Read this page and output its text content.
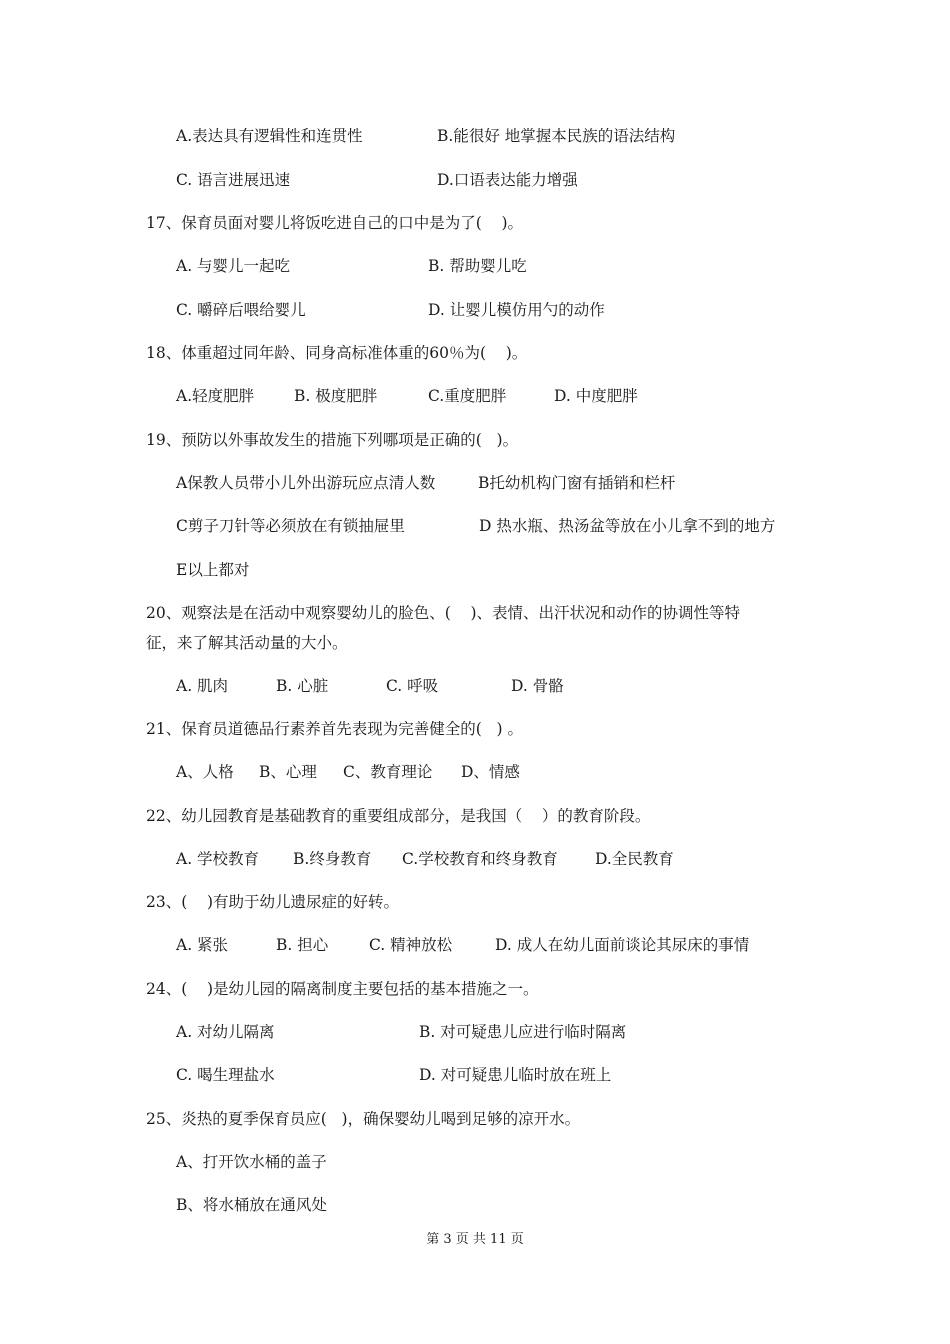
A.表达具有逻辑性和连贯性	B.能很好 地掌握本民族的语法结构
C. 语言进展迅速	D.口语表达能力增强
17、保育员面对婴儿将饭吃进自己的口中是为了(    )。
A. 与婴儿一起吃	B. 帮助婴儿吃
C. 嚼碎后喂给婴儿	D. 让婴儿模仿用勺的动作
18、体重超过同年龄、同身高标准体重的60％为(    )。
A.轻度肥胖	B. 极度肥胖	C.重度肥胖	D. 中度肥胖
19、预防以外事故发生的措施下列哪项是正确的(   )。
A保教人员带小儿外出游玩应点清人数	B托幼机构门窗有插销和栏杆
C剪子刀针等必须放在有锁抽屉里	D 热水瓶、热汤盆等放在小儿拿不到的地方
E以上都对
20、观察法是在活动中观察婴幼儿的脸色、(    )、表情、出汗状况和动作的协调性等特
征，来了解其活动量的大小。
A. 肌肉	B. 心脏	C. 呼吸	D. 骨骼
21、保育员道德品行素养首先表现为完善健全的(   ) 。
A、人格 B、心理 C、教育理论 D、情感
22、幼儿园教育是基础教育的重要组成部分，是我国（    ）的教育阶段。
A. 学校教育 B.终身教育 C.学校教育和终身教育 D.全民教育
23、(    )有助于幼儿遗尿症的好转。
A. 紧张	B. 担心	C. 精神放松	D. 成人在幼儿面前谈论其尿床的事情
24、(    )是幼儿园的隔离制度主要包括的基本措施之一。
A. 对幼儿隔离	B. 对可疑患儿应进行临时隔离
C. 喝生理盐水	D. 对可疑患儿临时放在班上
25、炎热的夏季保育员应(   )，确保婴幼儿喝到足够的凉开水。
A、打开饮水桶的盖子
B、将水桶放在通风处
第 3 页 共 11 页
